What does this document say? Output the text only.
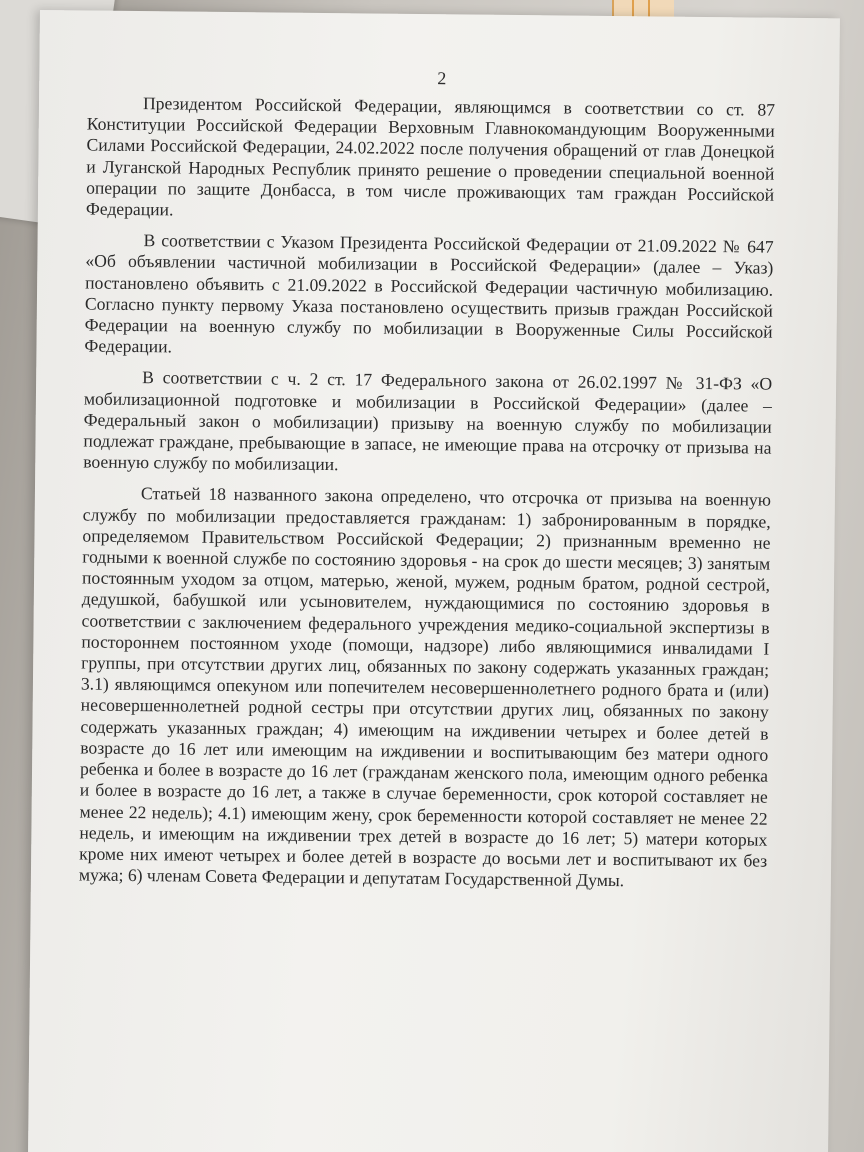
2

Президентом Российской Федерации, являющимся в соответствии со ст. 87 Конституции Российской Федерации Верховным Главнокомандующим Вооруженными Силами Российской Федерации, 24.02.2022 после получения обращений от глав Донецкой и Луганской Народных Республик принято решение о проведении специальной военной операции по защите Донбасса, в том числе проживающих там граждан Российской Федерации.

В соответствии с Указом Президента Российской Федерации от 21.09.2022 № 647 «Об объявлении частичной мобилизации в Российской Федерации» (далее – Указ) постановлено объявить с 21.09.2022 в Российской Федерации частичную мобилизацию. Согласно пункту первому Указа постановлено осуществить призыв граждан Российской Федерации на военную службу по мобилизации в Вооруженные Силы Российской Федерации.

В соответствии с ч. 2 ст. 17 Федерального закона от 26.02.1997 № 31-ФЗ «О мобилизационной подготовке и мобилизации в Российской Федерации» (далее – Федеральный закон о мобилизации) призыву на военную службу по мобилизации подлежат граждане, пребывающие в запасе, не имеющие права на отсрочку от призыва на военную службу по мобилизации.

Статьей 18 названного закона определено, что отсрочка от призыва на военную службу по мобилизации предоставляется гражданам: 1) забронированным в порядке, определяемом Правительством Российской Федерации; 2) признанным временно не годными к военной службе по состоянию здоровья - на срок до шести месяцев; 3) занятым постоянным уходом за отцом, матерью, женой, мужем, родным братом, родной сестрой, дедушкой, бабушкой или усыновителем, нуждающимися по состоянию здоровья в соответствии с заключением федерального учреждения медико-социальной экспертизы в постороннем постоянном уходе (помощи, надзоре) либо являющимися инвалидами I группы, при отсутствии других лиц, обязанных по закону содержать указанных граждан; 3.1) являющимся опекуном или попечителем несовершеннолетнего родного брата и (или) несовершеннолетней родной сестры при отсутствии других лиц, обязанных по закону содержать указанных граждан; 4) имеющим на иждивении четырех и более детей в возрасте до 16 лет или имеющим на иждивении и воспитывающим без матери одного ребенка и более в возрасте до 16 лет (гражданам женского пола, имеющим одного ребенка и более в возрасте до 16 лет, а также в случае беременности, срок которой составляет не менее 22 недель); 4.1) имеющим жену, срок беременности которой составляет не менее 22 недель, и имеющим на иждивении трех детей в возрасте до 16 лет; 5) матери которых кроме них имеют четырех и более детей в возрасте до восьми лет и воспитывают их без мужа; 6) членам Совета Федерации и депутатам Государственной Думы.
